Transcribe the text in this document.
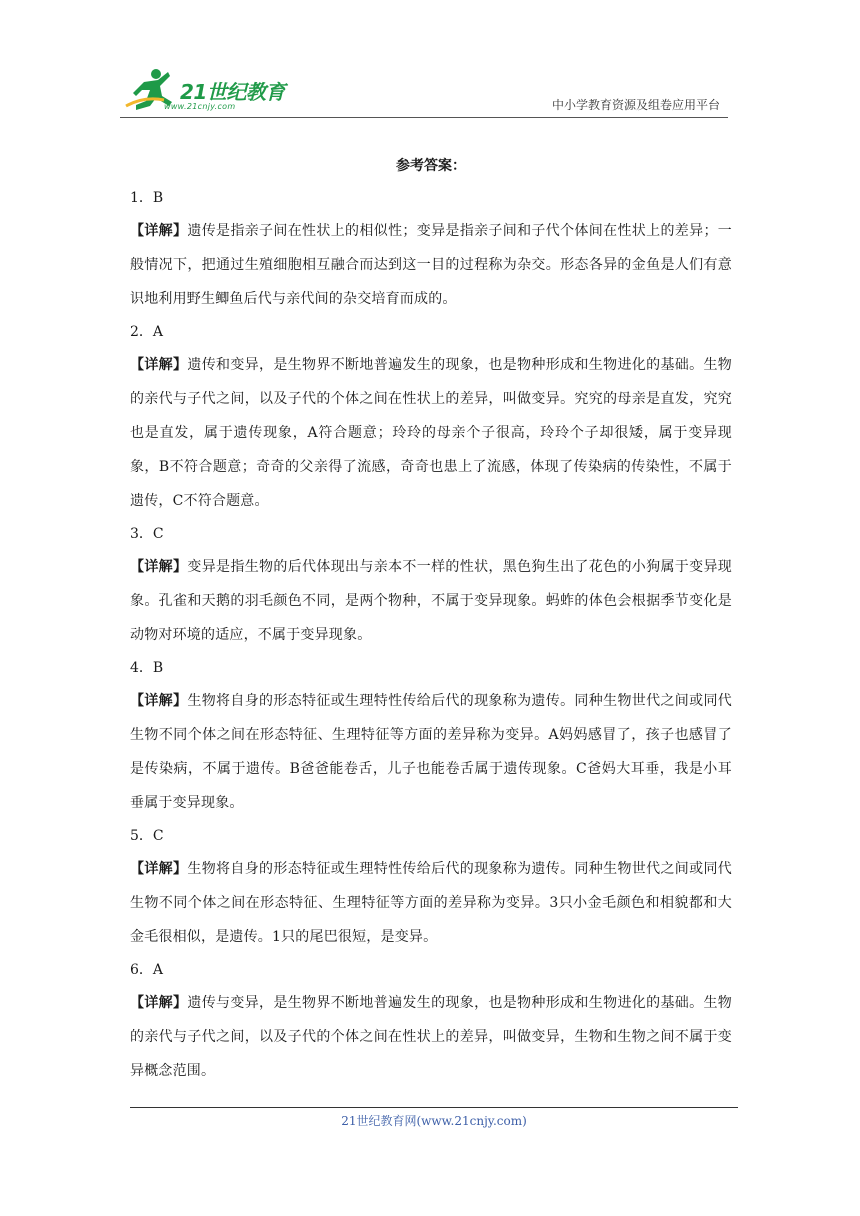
21世纪教育
www.21cnjy.com	中小学教育资源及组卷应用平台
参考答案：
1．B

【详解】遗传是指亲子间在性状上的相似性；变异是指亲子间和子代个体间在性状上的差异；一般情况下，把通过生殖细胞相互融合而达到这一目的过程称为杂交。形态各异的金鱼是人们有意识地利用野生鲫鱼后代与亲代间的杂交培育而成的。

2．A

【详解】遗传和变异，是生物界不断地普遍发生的现象，也是物种形成和生物进化的基础。生物的亲代与子代之间，以及子代的个体之间在性状上的差异，叫做变异。究究的母亲是直发，究究也是直发，属于遗传现象，A符合题意；玲玲的母亲个子很高，玲玲个子却很矮，属于变异现象，B不符合题意；奇奇的父亲得了流感，奇奇也患上了流感，体现了传染病的传染性，不属于遗传，C不符合题意。

3．C

【详解】变异是指生物的后代体现出与亲本不一样的性状，黑色狗生出了花色的小狗属于变异现象。孔雀和天鹅的羽毛颜色不同，是两个物种，不属于变异现象。蚂蚱的体色会根据季节变化是动物对环境的适应，不属于变异现象。

4．B

【详解】生物将自身的形态特征或生理特性传给后代的现象称为遗传。同种生物世代之间或同代生物不同个体之间在形态特征、生理特征等方面的差异称为变异。A妈妈感冒了，孩子也感冒了是传染病，不属于遗传。B爸爸能卷舌，儿子也能卷舌属于遗传现象。C爸妈大耳垂，我是小耳垂属于变异现象。

5．C

【详解】生物将自身的形态特征或生理特性传给后代的现象称为遗传。同种生物世代之间或同代生物不同个体之间在形态特征、生理特征等方面的差异称为变异。3只小金毛颜色和相貌都和大金毛很相似，是遗传。1只的尾巴很短，是变异。

6．A

【详解】遗传与变异，是生物界不断地普遍发生的现象，也是物种形成和生物进化的基础。生物的亲代与子代之间，以及子代的个体之间在性状上的差异，叫做变异，生物和生物之间不属于变异概念范围。

21世纪教育网(www.21cnjy.com)
